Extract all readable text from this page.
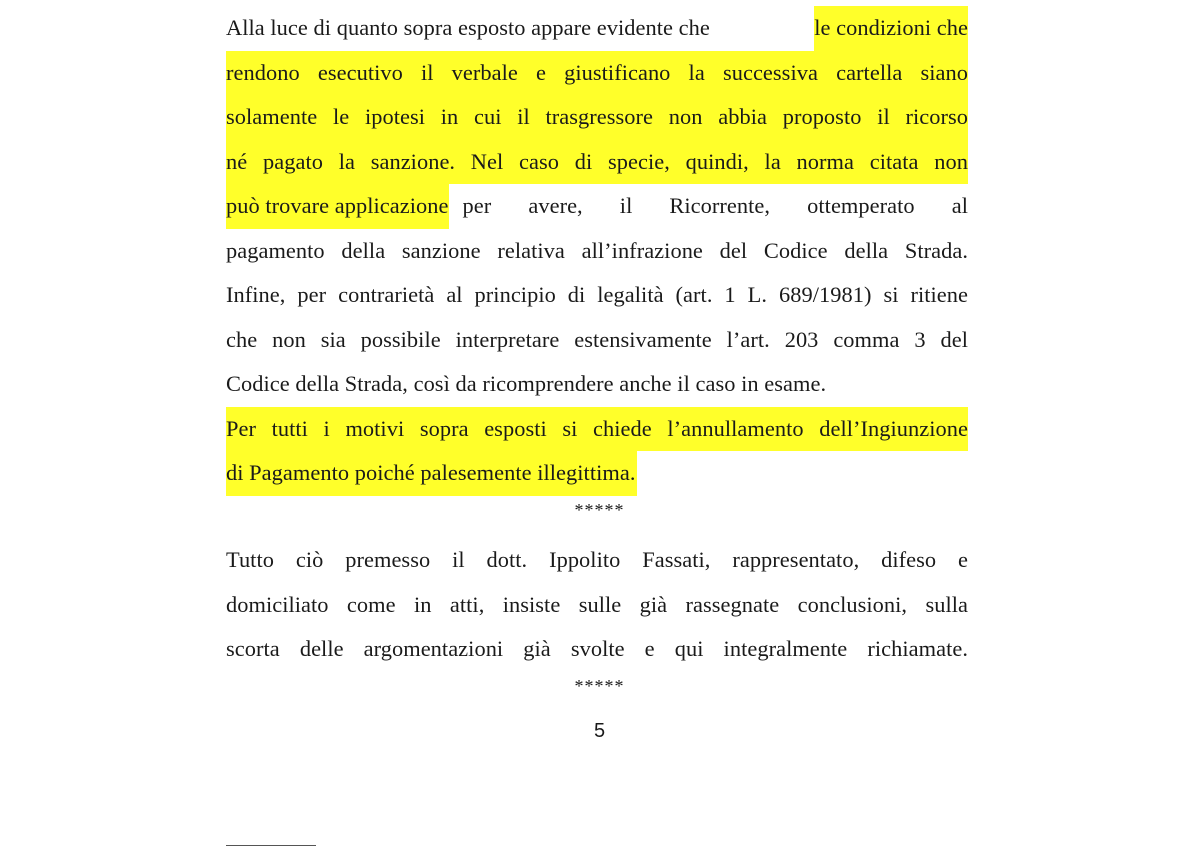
Alla luce di quanto sopra esposto appare evidente che	le condizioni che
rendono esecutivo il verbale e giustificano la successiva cartella siano
solamente le ipotesi in cui il trasgressore non abbia proposto il ricorso
né pagato la sanzione. Nel caso di specie, quindi, la norma citata non
può trovare applicazione per avere, il Ricorrente, ottemperato al
pagamento della sanzione relativa all’infrazione del Codice della Strada.
Infine, per contrarietà al principio di legalità (art. 1 L. 689/1981) si ritiene
che non sia possibile interpretare estensivamente l’art. 203 comma 3 del
Codice della Strada, così da ricomprendere anche il caso in esame.
Per tutti i motivi sopra esposti si chiede l’annullamento dell’Ingiunzione
di Pagamento poiché palesemente illegittima.
*****
Tutto ciò premesso il dott. Ippolito Fassati, rappresentato, difeso e
domiciliato come in atti, insiste sulle già rassegnate conclusioni, sulla
scorta delle argomentazioni già svolte e qui integralmente richiamate.
*****
5
